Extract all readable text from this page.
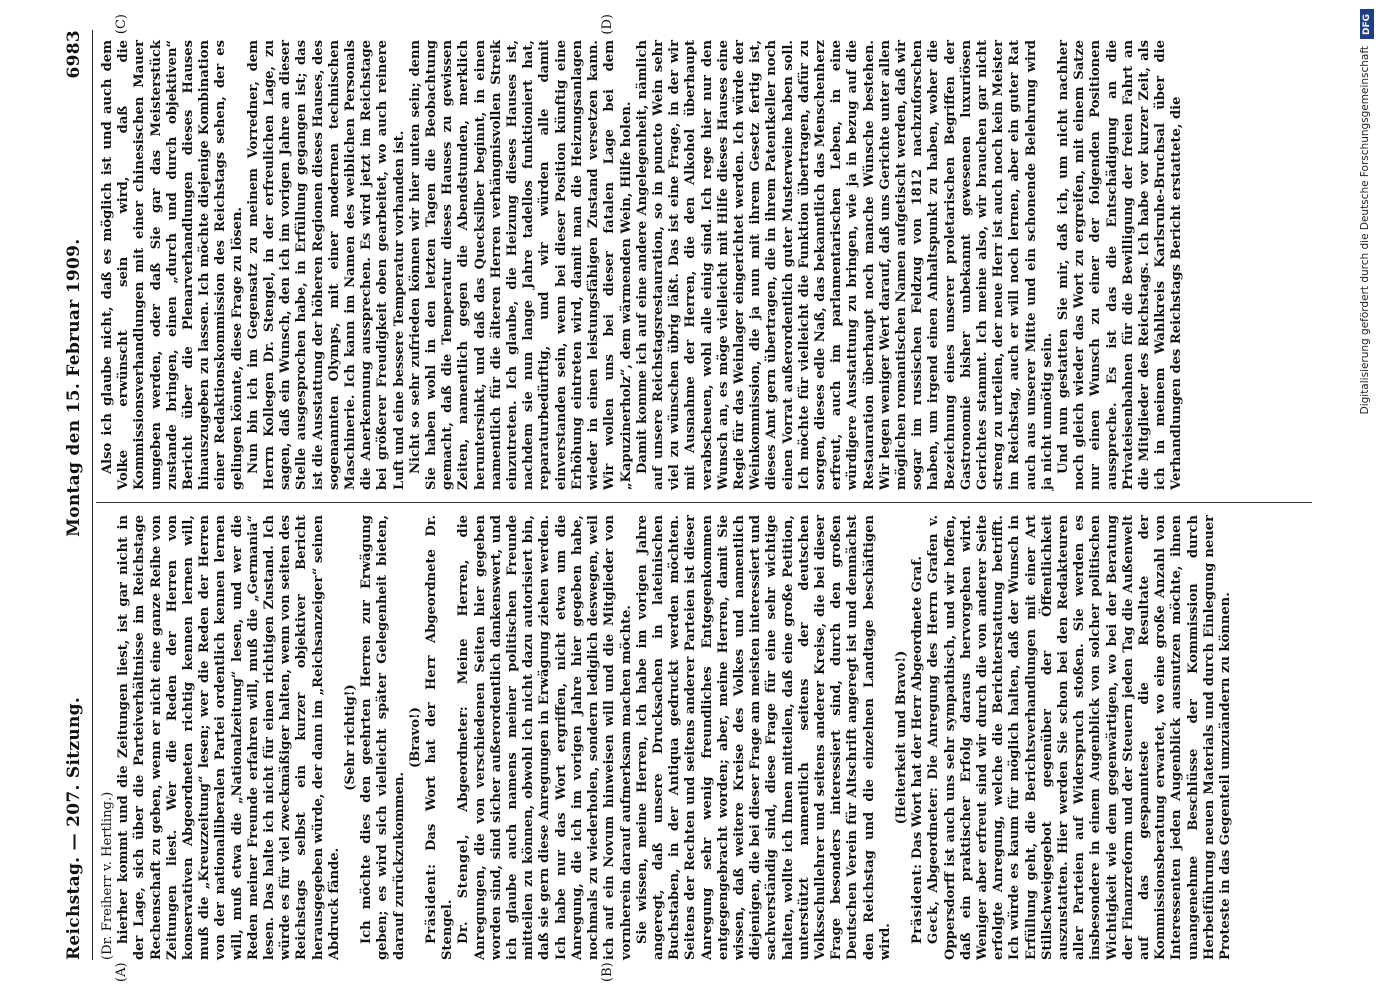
Reichstag. — 207. Sitzung.
Montag den 15. Februar 1909.
6983
(A)	(B)

(Dr. Freiherr v. Hertling.) hierher kommt und die Zeitungen liest, ist gar nicht in der Lage, sich über die Parteiverhältnisse im Reichstage Rechenschaft zu geben, wenn er nicht eine ganze Reihe von Zeitungen liest. Wer die Reden der Herren von konservativen Abgeordneten richtig kennen lernen will, muß die „Kreuzzeitung“ lesen; wer die Reden der Herren von der nationalliberalen Partei ordentlich kennen lernen will, muß etwa die „Nationalzeitung“ lesen, und wer die Reden meiner Freunde erfahren will, muß die „Germania“ lesen. Das halte ich nicht für einen richtigen Zustand. Ich würde es für viel zweckmäßiger halten, wenn von seiten des Reichstags selbst ein kurzer objektiver Bericht herausgegeben würde, der dann im „Reichsanzeiger“ seinen Abdruck fände.

(Sehr richtig!) Ich möchte dies den geehrten Herren zur Erwägung geben; es wird sich vielleicht später Gelegenheit bieten, darauf zurückzukommen.

(Bravo!)

Präsident: Das Wort hat der Herr Abgeordnete Dr. Stengel. Dr. Stengel, Abgeordneter: Meine Herren, die Anregungen, die von verschiedenen Seiten hier gegeben worden sind, sind sicher außerordentlich dankenswert, und ich glaube auch namens meiner politischen Freunde mitteilen zu können, obwohl ich nicht dazu autorisiert bin, daß sie gern diese Anregungen in Erwägung ziehen werden. Ich habe nur das Wort ergriffen, nicht etwa um die Anregung, die ich im vorigen Jahre hier gegeben habe, nochmals zu wiederholen, sondern lediglich deswegen, weil ich auf ein Novum hinweisen will und die Mitglieder von vornherein darauf aufmerksam machen möchte. Sie wissen, meine Herren, ich habe im vorigen Jahre angeregt, daß unsere Drucksachen in lateinischen Buchstaben, in der Antiqua gedruckt werden möchten. Seitens der Rechten und seitens anderer Parteien ist dieser Anregung sehr wenig freundliches Entgegenkommen entgegengebracht worden; aber, meine Herren, damit Sie wissen, daß weitere Kreise des Volkes und namentlich diejenigen, die bei dieser Frage am meisten interessiert und sachverständig sind, diese Frage für eine sehr wichtige halten, wollte ich Ihnen mitteilen, daß eine große Petition, unterstützt namentlich seitens der deutschen Volksschullehrer und seitens anderer Kreise, die bei dieser Frage besonders interessiert sind, durch den großen Deutschen Verein für Altschrift angeregt ist und demnächst den Reichstag und die einzelnen Landtage beschäftigen wird.

(Heiterkeit und Bravo!)

Präsident: Das Wort hat der Herr Abgeordnete Graf.

Geck, Abgeordneter: Die Anregung des Herrn Grafen v. Oppersdorff ist auch uns sehr sympathisch, und wir hoffen, daß ein praktischer Erfolg daraus hervorgehen wird. Weniger aber erfreut sind wir durch die von anderer Seite erfolgte Anregung, welche die Berichterstattung betrifft. Ich würde es kaum für möglich halten, daß der Wunsch in Erfüllung geht, die Berichtsverhandlungen mit einer Art Stillschweigegebot gegenüber der Öffentlichkeit auszustatten. Hier werden Sie schon bei den Redakteuren aller Parteien auf Widerspruch stoßen. Sie werden es insbesondere in einem Augenblick von solcher politischen Wichtigkeit wie dem gegenwärtigen, wo bei der Beratung der Finanzreform und der Steuern jeden Tag die Außenwelt auf das gespannteste die Resultate der Kommissionsberatung erwartet, wo eine große Anzahl von Interessenten jeden Augenblick ausnutzen möchte, ihnen unangenehme Beschlüsse der Kommission durch Herbeiführung neuen Materials und durch Einlegung neuer Proteste in das Gegenteil umzuändern zu können.

(C)	(D)

Also ich glaube nicht, daß es möglich ist und auch dem Volke erwünscht sein wird, daß die Kommissionsverhandlungen mit einer chinesischen Mauer umgeben werden, oder daß Sie gar das Meisterstück zustande bringen, einen „durch und durch objektiven“ Bericht über die Plenarverhandlungen dieses Hauses hinauszugeben zu lassen. Ich möchte diejenige Kombination einer Redaktionskommission des Reichstags sehen, der es gelingen könnte, diese Frage zu lösen. Nun bin ich im Gegensatz zu meinem Vorredner, dem Herrn Kollegen Dr. Stengel, in der erfreulichen Lage, zu sagen, daß ein Wunsch, den ich im vorigen Jahre an dieser Stelle ausgesprochen habe, in Erfüllung gegangen ist; das ist die Ausstattung der höheren Regionen dieses Hauses, des sogenannten Olymps, mit einer modernen technischen Maschinerie. Ich kann im Namen des weiblichen Personals die Anerkennung aussprechen. Es wird jetzt im Reichstage bei größerer Freudigkeit oben gearbeitet, wo auch reinere Luft und eine bessere Temperatur vorhanden ist. Nicht so sehr zufrieden können wir hier unten sein; denn Sie haben wohl in den letzten Tagen die Beobachtung gemacht, daß die Temperatur dieses Hauses zu gewissen Zeiten, namentlich gegen die Abendstunden, merklich heruntersinkt, und daß das Quecksilber beginnt, in einen namentlich für die älteren Herren verhängnisvollen Streik einzutreten. Ich glaube, die Heizung dieses Hauses ist, nachdem sie nun lange Jahre tadellos funktioniert hat, reparaturbedürftig, und wir würden alle damit einverstanden sein, wenn bei dieser Position künftig eine Erhöhung eintreten wird, damit man die Heizungsanlagen wieder in einen leistungsfähigen Zustand versetzen kann. Wir wollen uns bei dieser fatalen Lage bei dem „Kapuzinerholz“, dem wärmenden Wein, Hilfe holen. Damit komme ich auf eine andere Angelegenheit, nämlich auf unsere Reichstagsrestauration, so in puncto Wein sehr viel zu wünschen übrig läßt. Das ist eine Frage, in der wir mit Ausnahme der Herren, die den Alkohol überhaupt verabscheuen, wohl alle einig sind. Ich rege hier nur den Wunsch an, es möge vielleicht mit Hilfe dieses Hauses eine Regie für das Weinlager eingerichtet werden. Ich würde der Weinkommission, die ja nun mit ihrem Gesetz fertig ist, dieses Amt gern übertragen, die in ihrem Patentkeller noch einen Vorrat außerordentlich guter Musterweine haben soll. Ich möchte für vielleicht die Funktion übertragen, dafür zu sorgen, dieses edle Naß, das bekanntlich das Menschenherz erfreut, auch im parlamentarischen Leben, in eine würdigere Ausstattung zu bringen, wie ja in bezug auf die Restauration überhaupt noch manche Wünsche bestehen. Wir legen weniger Wert darauf, daß uns Gerichte unter allen möglichen romantischen Namen aufgetischt werden, daß wir sogar im russischen Feldzug von 1812 nachzuforschen haben, um irgend einen Anhaltspunkt zu haben, woher die Bezeichnung eines unserer proletarischen Begriffen der Gastronomie bisher unbekannt gewesenen luxuriösen Gerichtes stammt. Ich meine also, wir brauchen gar nicht streng zu urteilen, der neue Herr ist auch noch kein Meister im Reichstag, auch er will noch lernen, aber ein guter Rat auch aus unserer Mitte und ein schonende Belehrung wird ja nicht unnötig sein. Und nun gestatten Sie mir, daß ich, um nicht nachher noch gleich wieder das Wort zu ergreifen, mit einem Satze nur einen Wunsch zu einer der folgenden Positionen ausspreche. Es ist das die Entschädigung an die Privateisenbahnen für die Bewilligung der freien Fahrt an die Mitglieder des Reichstags. Ich habe vor kurzer Zeit, als ich in meinem Wahlkreis Karlsruhe-Bruchsal über die Verhandlungen des Reichstags Bericht erstattete, die

DFG
Digitalisierung gefördert durch die Deutsche Forschungsgemeinschaft
